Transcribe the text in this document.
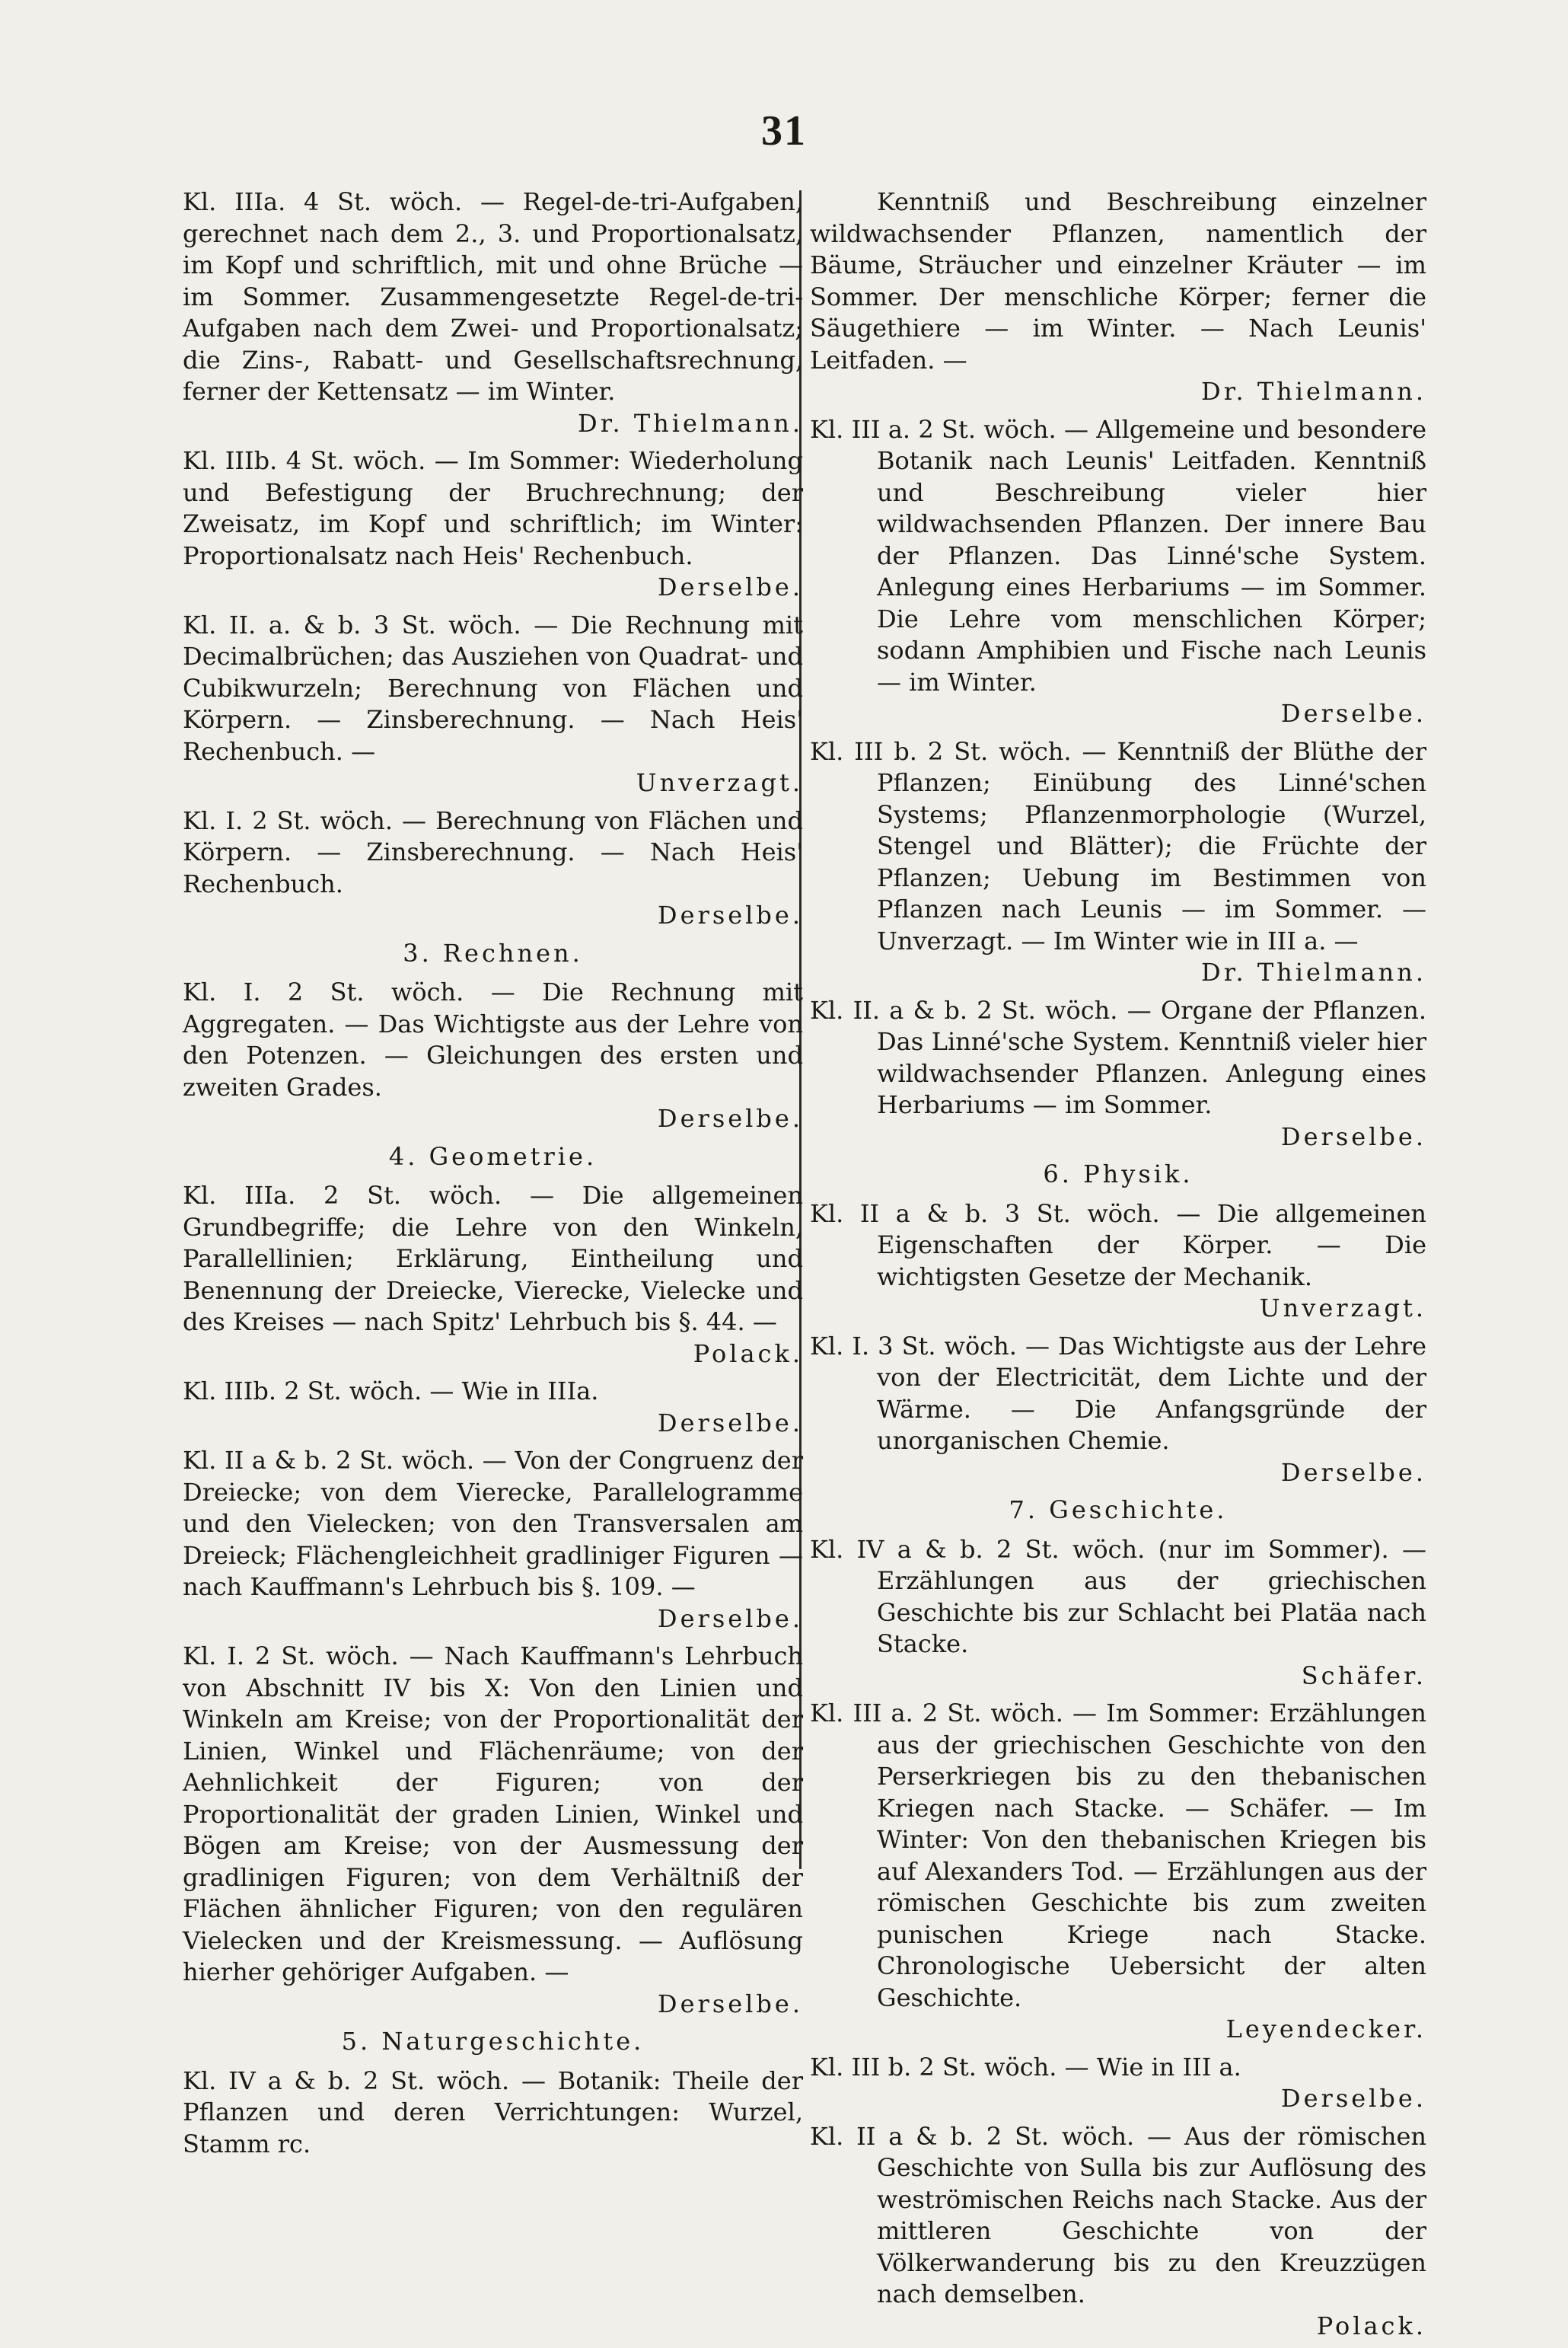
31

Kl. IIIa. 4 St. wöch. — Regel-de-tri-Aufgaben, gerechnet nach dem 2., 3. und Proportionalsatz, im Kopf und schriftlich, mit und ohne Brüche — im Sommer. Zusammengesetzte Regel-de-tri-Aufgaben nach dem Zwei- und Proportionalsatz; die Zins-, Rabatt- und Gesellschaftsrechnung, ferner der Kettensatz — im Winter.
Dr. Thielmann.

Kl. IIIb. 4 St. wöch. — Im Sommer: Wiederholung und Befestigung der Bruchrechnung; der Zweisatz, im Kopf und schriftlich; im Winter: Proportionalsatz nach Heis' Rechenbuch.
Derselbe.

Kl. II. a. & b. 3 St. wöch. — Die Rechnung mit Decimalbrüchen; das Ausziehen von Quadrat- und Cubikwurzeln; Berechnung von Flächen und Körpern. — Zinsberechnung. — Nach Heis' Rechenbuch. —
Unverzagt.

Kl. I. 2 St. wöch. — Berechnung von Flächen und Körpern. — Zinsberechnung. — Nach Heis' Rechenbuch.
Derselbe.

3. Rechnen.

Kl. I. 2 St. wöch. — Die Rechnung mit Aggregaten. — Das Wichtigste aus der Lehre von den Potenzen. — Gleichungen des ersten und zweiten Grades.
Derselbe.

4. Geometrie.

Kl. IIIa. 2 St. wöch. — Die allgemeinen Grundbegriffe; die Lehre von den Winkeln, Parallellinien; Erklärung, Eintheilung und Benennung der Dreiecke, Vierecke, Vielecke und des Kreises — nach Spitz' Lehrbuch bis §. 44. —
Polack.

Kl. IIIb. 2 St. wöch. — Wie in IIIa.
Derselbe.

Kl. II a & b. 2 St. wöch. — Von der Congruenz der Dreiecke; von dem Vierecke, Parallelogramme und den Vielecken; von den Transversalen am Dreieck; Flächengleichheit gradliniger Figuren — nach Kauffmann's Lehrbuch bis §. 109. —
Derselbe.

Kl. I. 2 St. wöch. — Nach Kauffmann's Lehrbuch von Abschnitt IV bis X: Von den Linien und Winkeln am Kreise; von der Proportionalität der Linien, Winkel und Flächenräume; von der Aehnlichkeit der Figuren; von der Proportionalität der graden Linien, Winkel und Bögen am Kreise; von der Ausmessung der gradlinigen Figuren; von dem Verhältniß der Flächen ähnlicher Figuren; von den regulären Vielecken und der Kreismessung. — Auflösung hierher gehöriger Aufgaben. —
Derselbe.

5. Naturgeschichte.

Kl. IV a & b. 2 St. wöch. — Botanik: Theile der Pflanzen und deren Verrichtungen: Wurzel, Stamm rc.

Kenntniß und Beschreibung einzelner wildwachsender Pflanzen, namentlich der Bäume, Sträucher und einzelner Kräuter — im Sommer. Der menschliche Körper; ferner die Säugethiere — im Winter. — Nach Leunis' Leitfaden. —
Dr. Thielmann.

Kl. III a. 2 St. wöch. — Allgemeine und besondere Botanik nach Leunis' Leitfaden. Kenntniß und Beschreibung vieler hier wildwachsenden Pflanzen. Der innere Bau der Pflanzen. Das Linné'sche System. Anlegung eines Herbariums — im Sommer. Die Lehre vom menschlichen Körper; sodann Amphibien und Fische nach Leunis — im Winter.
Derselbe.

Kl. III b. 2 St. wöch. — Kenntniß der Blüthe der Pflanzen; Einübung des Linné'schen Systems; Pflanzenmorphologie (Wurzel, Stengel und Blätter); die Früchte der Pflanzen; Uebung im Bestimmen von Pflanzen nach Leunis — im Sommer. — Unverzagt. — Im Winter wie in III a. —
Dr. Thielmann.

Kl. II. a & b. 2 St. wöch. — Organe der Pflanzen. Das Linné'sche System. Kenntniß vieler hier wildwachsender Pflanzen. Anlegung eines Herbariums — im Sommer.
Derselbe.

6. Physik.

Kl. II a & b. 3 St. wöch. — Die allgemeinen Eigenschaften der Körper. — Die wichtigsten Gesetze der Mechanik.
Unverzagt.

Kl. I. 3 St. wöch. — Das Wichtigste aus der Lehre von der Electricität, dem Lichte und der Wärme. — Die Anfangsgründe der unorganischen Chemie.
Derselbe.

7. Geschichte.

Kl. IV a & b. 2 St. wöch. (nur im Sommer). — Erzählungen aus der griechischen Geschichte bis zur Schlacht bei Platäa nach Stacke.
Schäfer.

Kl. III a. 2 St. wöch. — Im Sommer: Erzählungen aus der griechischen Geschichte von den Perserkriegen bis zu den thebanischen Kriegen nach Stacke. — Schäfer. — Im Winter: Von den thebanischen Kriegen bis auf Alexanders Tod. — Erzählungen aus der römischen Geschichte bis zum zweiten punischen Kriege nach Stacke. Chronologische Uebersicht der alten Geschichte.
Leyendecker.

Kl. III b. 2 St. wöch. — Wie in III a.
Derselbe.

Kl. II a & b. 2 St. wöch. — Aus der römischen Geschichte von Sulla bis zur Auflösung des weströmischen Reichs nach Stacke. Aus der mittleren Geschichte von der Völkerwanderung bis zu den Kreuzzügen nach demselben.
Polack.
